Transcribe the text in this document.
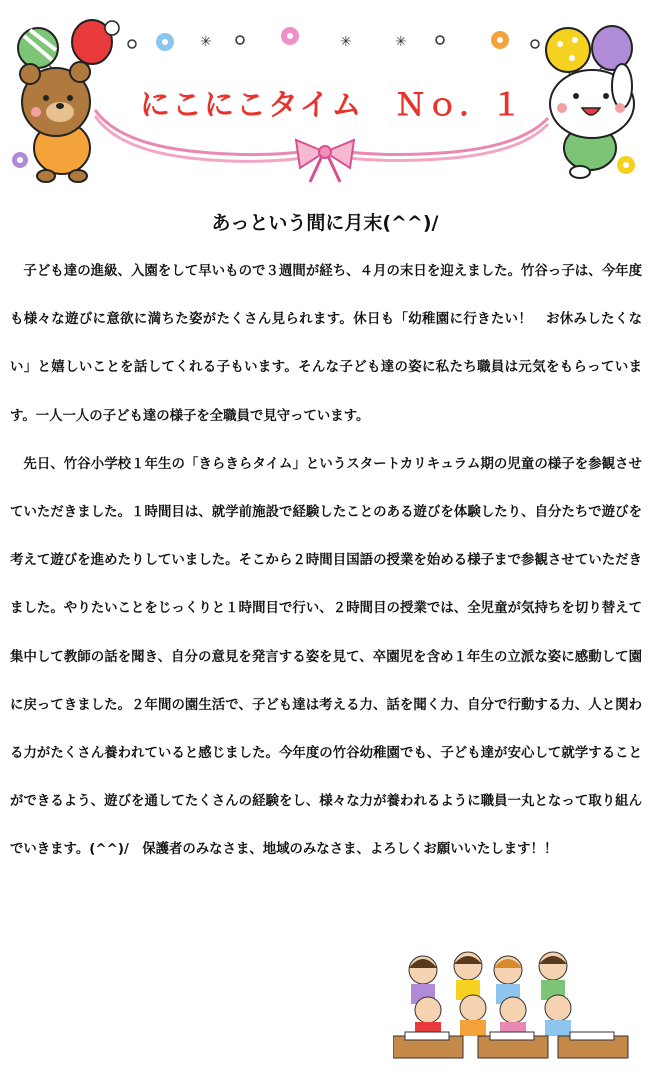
✳	✳	✳
にこにこタイム　Ｎｏ．１
あっという間に月末(^^)/

子ども達の進級、入園をして早いもので３週間が経ち、４月の末日を迎えました。竹谷っ子は、今年度も様々な遊びに意欲に満ちた姿がたくさん見られます。休日も「幼稚園に行きたい！　お休みしたくない」と嬉しいことを話してくれる子もいます。そんな子ども達の姿に私たち職員は元気をもらっています。一人一人の子ども達の様子を全職員で見守っています。

先日、竹谷小学校１年生の「きらきらタイム」というスタートカリキュラム期の児童の様子を参観させていただきました。１時間目は、就学前施設で経験したことのある遊びを体験したり、自分たちで遊びを考えて遊びを進めたりしていました。そこから２時間目国語の授業を始める様子まで参観させていただきました。やりたいことをじっくりと１時間目で行い、２時間目の授業では、全児童が気持ちを切り替えて集中して教師の話を聞き、自分の意見を発言する姿を見て、卒園児を含め１年生の立派な姿に感動して園に戻ってきました。２年間の園生活で、子ども達は考える力、話を聞く力、自分で行動する力、人と関わる力がたくさん養われていると感じました。今年度の竹谷幼稚園でも、子ども達が安心して就学することができるよう、遊びを通してたくさんの経験をし、様々な力が養われるように職員一丸となって取り組んでいきます。(^^)/　保護者のみなさま、地域のみなさま、よろしくお願いいたします！！
